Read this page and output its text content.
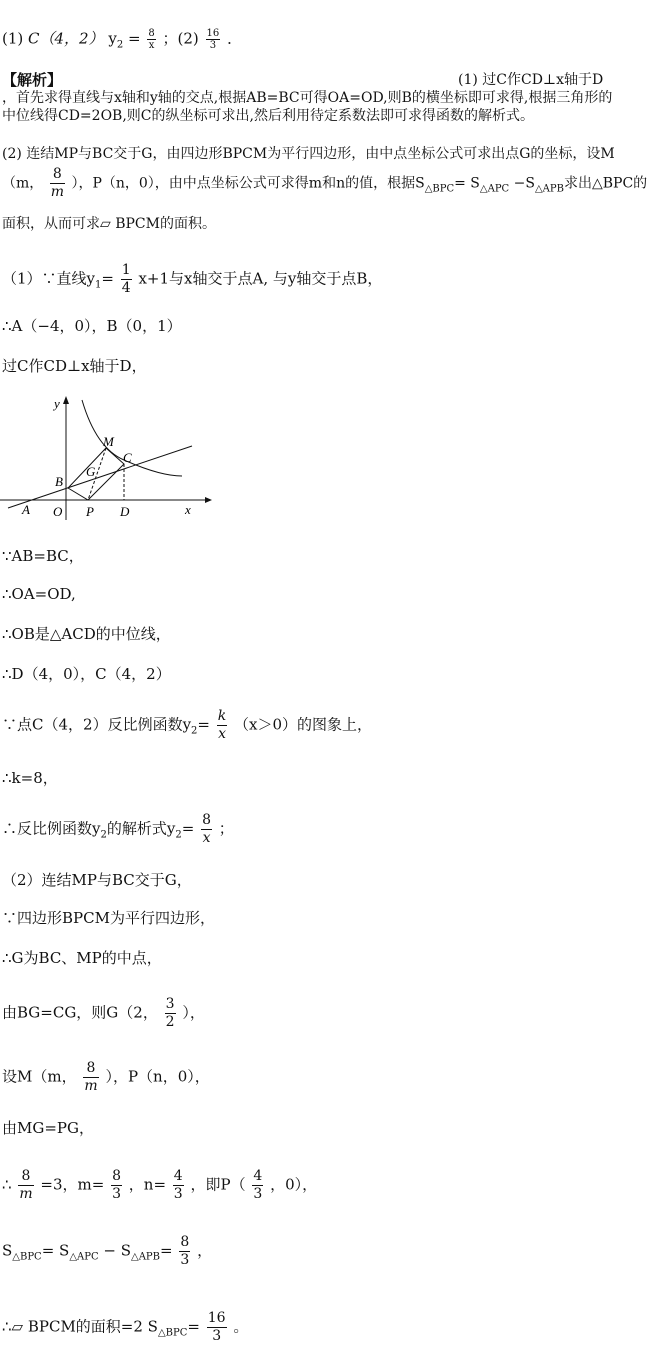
(1) C（4，2） $y_2 = \frac{8}{x}$ ；$(2) \frac{16}{3}$ ．
【解析】	(1) 过C作CD⊥x轴于D
，首先求得直线与x轴和y轴的交点,根据AB=BC可得OA=OD,则B的横坐标即可求得,根据三角形的
中位线得CD=2OB,则C的纵坐标可求出,然后利用待定系数法即可求得函数的解析式。
(2) 连结MP与BC交于G，由四边形BPCM为平行四边形，由中点坐标公式可求出点G的坐标，设M
（m， $\frac{8}{m}$ ），P（n，0），由中点坐标公式可求得m和n的值，根据$S_{\triangle BPC}= S_{\triangle APC} -S_{\triangle APB}$求出△BPC的
面积，从而可求▱ BPCM的面积。
（1）∵直线$y_1= \frac{1}{4} x+1$与x轴交于点A, 与y轴交于点B，
∴A（−4，0），B（0，1）
过C作CD⊥x轴于D，
y
x
A O P D
B
G
M
C
∵AB=BC，
∴OA=OD,
∴OB是△ACD的中位线，
∴D（4，0），C（4，2）
∵点C（4，2）反比例函数$y_2= \frac{k}{x} (x>0)$的图象上，
∴k=8，
∴反比例函数$y_2$的解析式$y_2= \frac{8}{x}$ ；
（2）连结MP与BC交于G，
∵四边形BPCM为平行四边形，
∴G为BC、MP的中点，
由BG=CG，则G（2， $\frac{3}{2}$ ），
设M（m， $\frac{8}{m}$ ），P（n，0），
由MG=PG，
∴ $\frac{8}{m} =3$，$m= \frac{8}{3}$ ，$n= \frac{4}{3}$ ，即$P( \frac{4}{3}$ ，0），
$S_{\triangle BPC}= S_{\triangle APC} - S_{\triangle APB}= \frac{8}{3}$ ，
∴▱ BPCM的面积=2 $S_{\triangle BPC}= \frac{16}{3}$ 。
